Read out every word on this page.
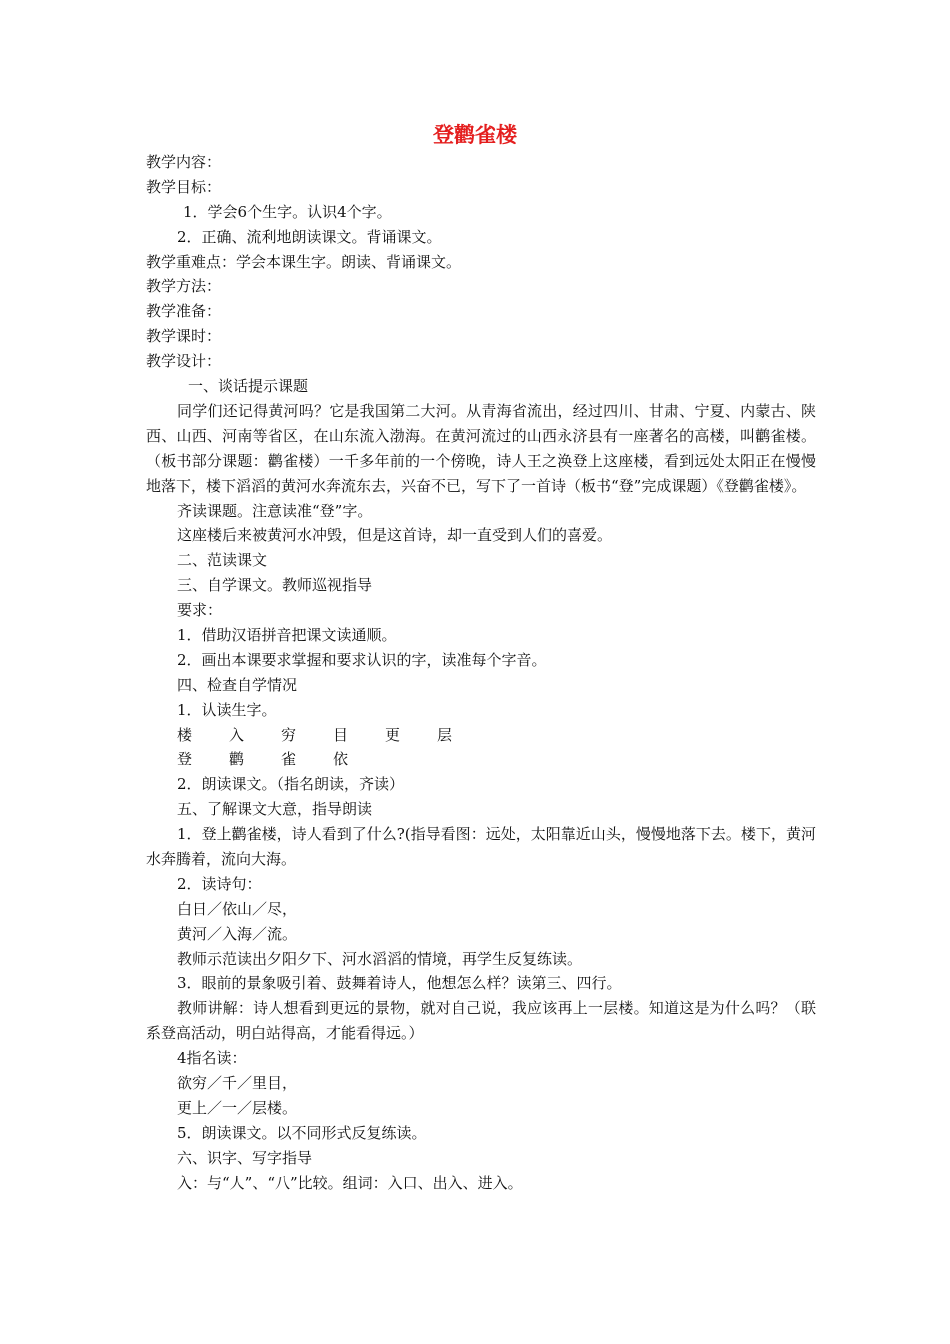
登鹳雀楼
教学内容：
教学目标：
1．学会6个生字。认识4个字。
2．正确、流利地朗读课文。背诵课文。
教学重难点：学会本课生字。朗读、背诵课文。
教学方法：
教学准备：
教学课时：
教学设计：
一、谈话提示课题
同学们还记得黄河吗？它是我国第二大河。从青海省流出，经过四川、甘肃、宁夏、内蒙古、陕西、山西、河南等省区，在山东流入渤海。在黄河流过的山西永济县有一座著名的高楼，叫鹳雀楼。（板书部分课题：鹳雀楼）一千多年前的一个傍晚，诗人王之涣登上这座楼，看到远处太阳正在慢慢地落下，楼下滔滔的黄河水奔流东去，兴奋不已，写下了一首诗（板书“登”完成课题）《登鹳雀楼》。
齐读课题。注意读准“登”字。
这座楼后来被黄河水冲毁，但是这首诗，却一直受到人们的喜爱。
二、范读课文
三、自学课文。教师巡视指导
要求：
1．借助汉语拼音把课文读通顺。
2．画出本课要求掌握和要求认识的字，读准每个字音。
四、检查自学情况
1．认读生字。
楼 入 穷 目 更 层
登 鹳 雀 依
2．朗读课文。（指名朗读，齐读）
五、了解课文大意，指导朗读
1．登上鹳雀楼，诗人看到了什么?(指导看图：远处，太阳靠近山头，慢慢地落下去。楼下，黄河水奔腾着，流向大海。
2．读诗句：
白日／依山／尽，
黄河／入海／流。
教师示范读出夕阳夕下、河水滔滔的情境，再学生反复练读。
3．眼前的景象吸引着、鼓舞着诗人，他想怎么样？读第三、四行。
教师讲解：诗人想看到更远的景物，就对自己说，我应该再上一层楼。知道这是为什么吗？（联系登高活动，明白站得高，才能看得远。）
4指名读：
欲穷／千／里目，
更上／一／层楼。
5．朗读课文。以不同形式反复练读。
六、识字、写字指导
入：与“人”、“八”比较。组词：入口、出入、进入。
